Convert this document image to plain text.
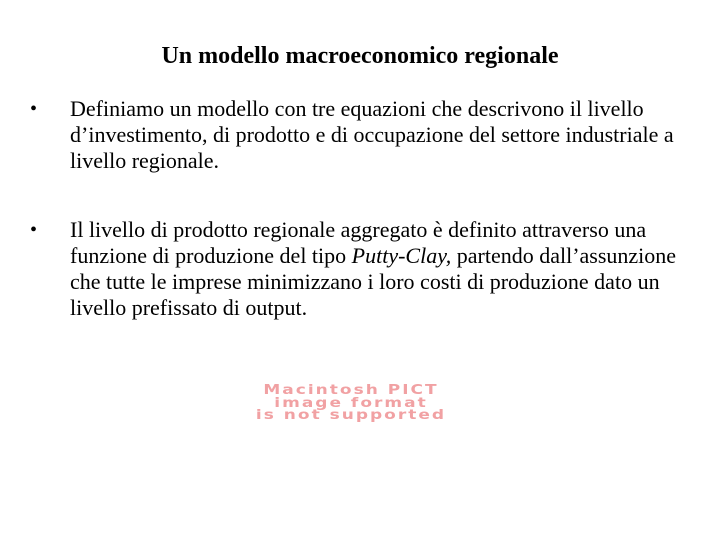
Un modello macroeconomico regionale
•	Definiamo un modello con tre equazioni che descrivono il livello d’investimento, di prodotto e di occupazione del settore industriale a livello regionale.
•	Il livello di prodotto regionale aggregato è definito attraverso una funzione di produzione del tipo Putty-Clay, partendo dall’assunzione che tutte le imprese minimizzano i loro costi di produzione dato un livello prefissato di output.
Macintosh PICT
image format
is not supported
